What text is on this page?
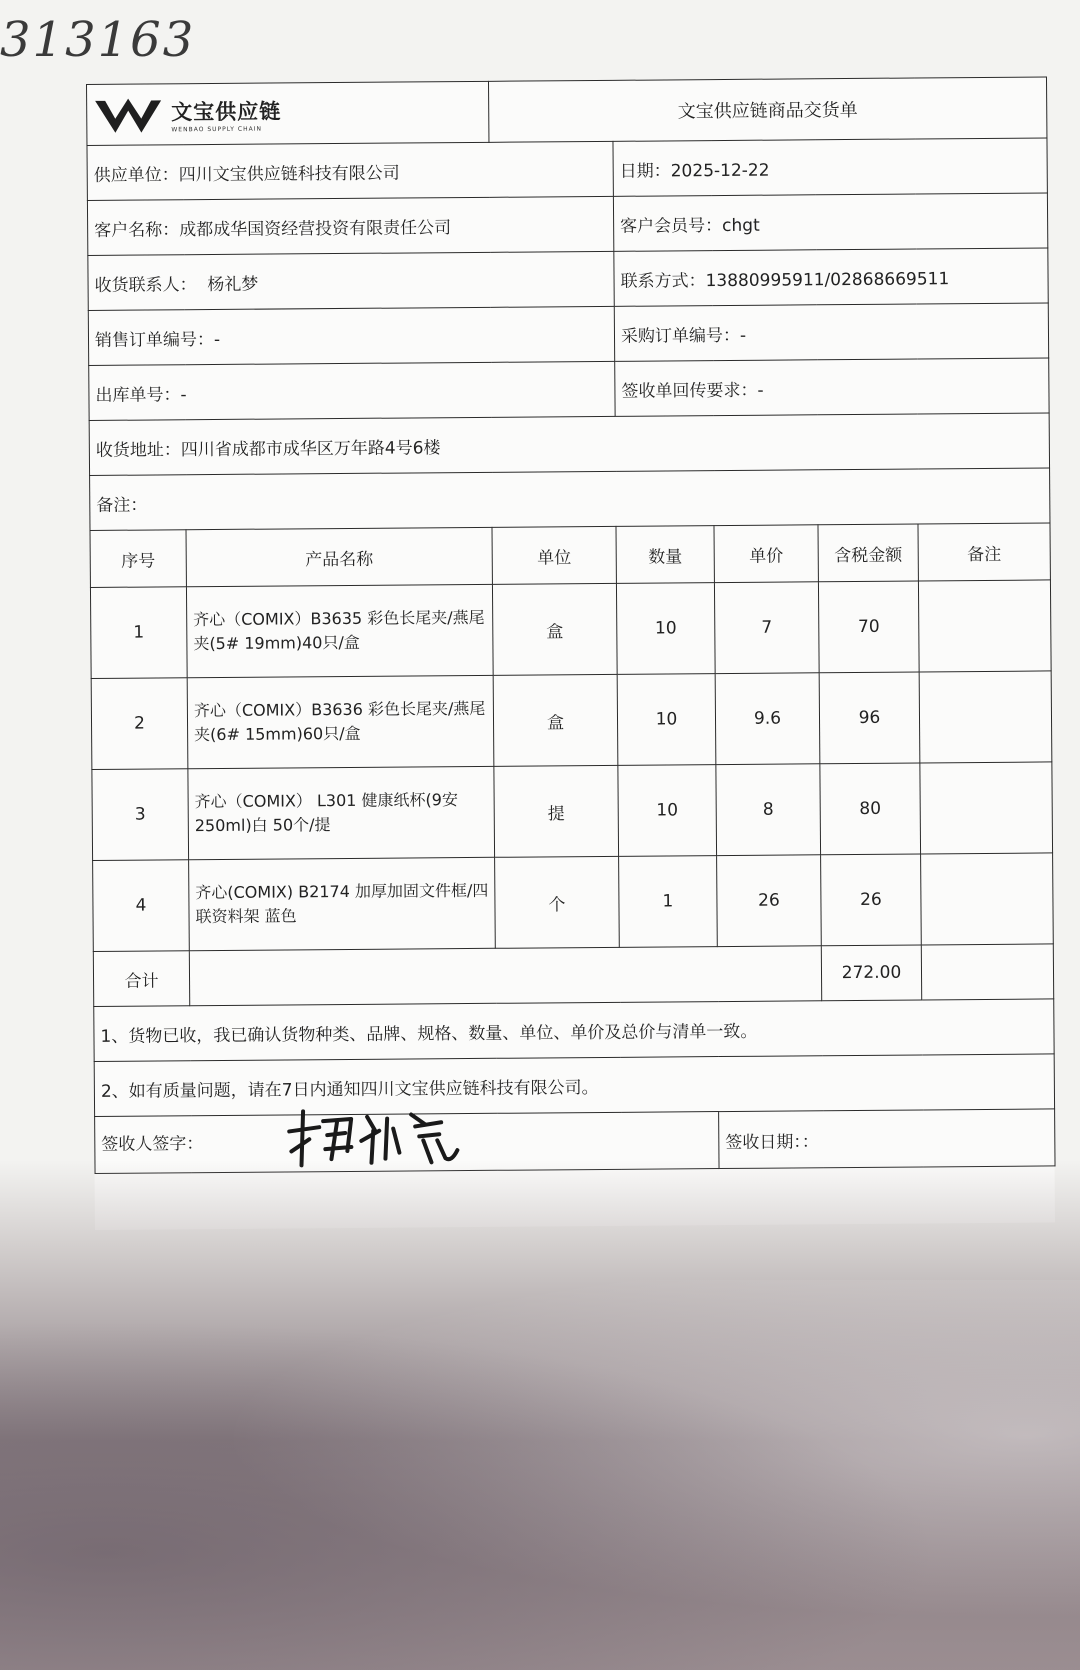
313163
文宝供应链
WENBAO SUPPLY CHAIN		文宝供应链商品交货单				
供应单位：四川文宝供应链科技有限公司			日期：2025-12-22			
客户名称：成都成华国资经营投资有限责任公司			客户会员号：chgt			
收货联系人： 杨礼梦			联系方式：13880995911/02868669511			
销售订单编号：-			采购订单编号：-			
出库单号：-			签收单回传要求：-			
收货地址：四川省成都市成华区万年路4号6楼						
备注：						
序号	产品名称	单位	数量	单价	含税金额	备注
1	齐心（COMIX）B3635 彩色长尾夹/燕尾夹(5# 19mm)40只/盒	盒	10	7	70	
2	齐心（COMIX）B3636 彩色长尾夹/燕尾夹(6# 15mm)60只/盒	盒	10	9.6	96	
3	齐心（COMIX） L301 健康纸杯(9安250ml)白 50个/提	提	10	8	80	
4	齐心(COMIX) B2174 加厚加固文件框/四联资料架 蓝色	个	1	26	26	
合计					272.00	
1、货物已收，我已确认货物种类、品牌、规格、数量、单位、单价及总价与清单一致。						
2、如有质量问题，请在7日内通知四川文宝供应链科技有限公司。						

签收人签字：				签收日期：：		
